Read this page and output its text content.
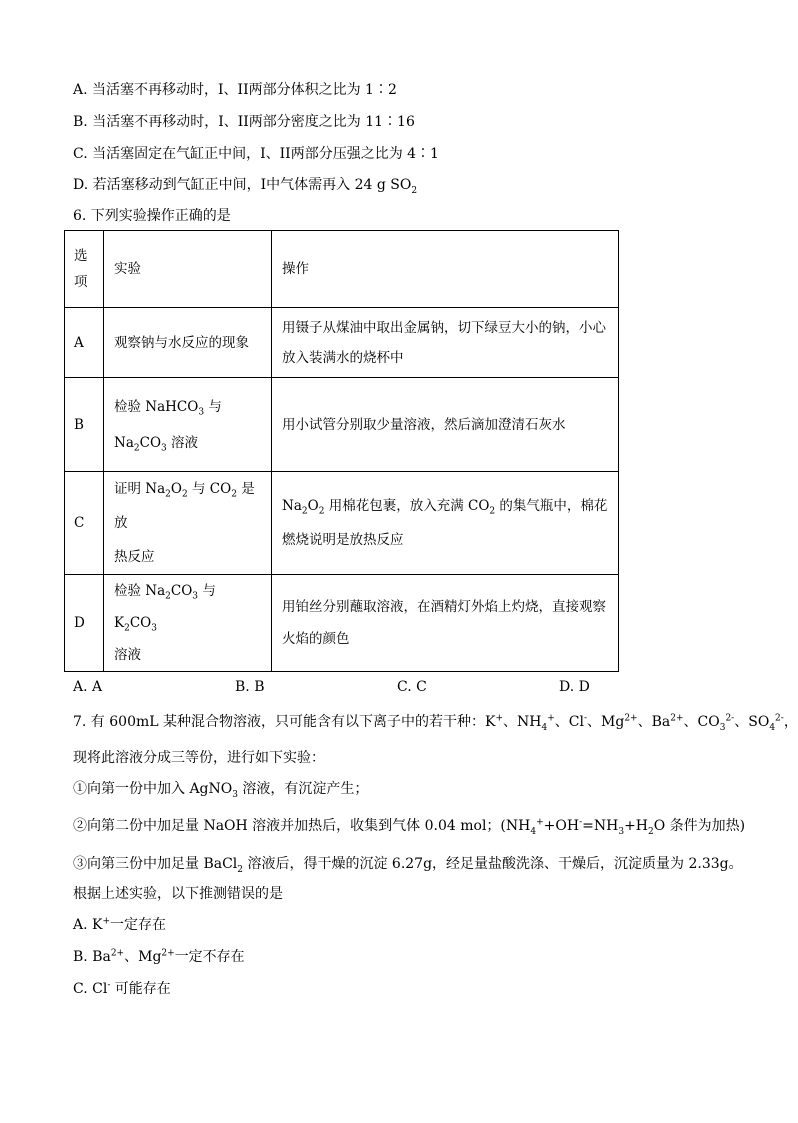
A. 当活塞不再移动时，I、II两部分体积之比为 1∶2
B. 当活塞不再移动时，I、II两部分密度之比为 11∶16
C. 当活塞固定在气缸正中间，I、II两部分压强之比为 4∶1
D. 若活塞移动到气缸正中间，I中气体需再入 24 g $SO_2$
6. 下列实验操作正确的是
选
项	实验	操作
A	观察钠与水反应的现象	用镊子从煤油中取出金属钠，切下绿豆大小的钠，小心
放入装满水的烧杯中
B	检验 NaHCO$_3$ 与
$Na_2CO_3$ 溶液	用小试管分别取少量溶液，然后滴加澄清石灰水
C	证明 $Na_2O_2$ 与 $CO_2$ 是放
热反应	$Na_2O_2$ 用棉花包裹，放入充满 $CO_2$ 的集气瓶中，棉花
燃烧说明是放热反应
D	检验 $Na_2CO_3$ 与 $K_2CO_3$
溶液	用铂丝分别蘸取溶液，在酒精灯外焰上灼烧，直接观察
火焰的颜色
A. A	B. B	C. C	D. D
7. 有 600mL 某种混合物溶液，只可能含有以下离子中的若干种：K+、$NH_4^+$、Cl-、$Mg^{2+}$、$Ba^{2+}$、$CO_3^{2-}$、$SO_4^{2-}$，
现将此溶液分成三等份，进行如下实验：
①向第一份中加入 AgNO$_3$ 溶液，有沉淀产生；
②向第二份中加足量 NaOH 溶液并加热后，收集到气体 0.04 mol；($NH_4^++OH^-=NH_3+H_2O$ 条件为加热)
③向第三份中加足量 BaCl$_2$ 溶液后，得干燥的沉淀 6.27g，经足量盐酸洗涤、干燥后，沉淀质量为 2.33g。
根据上述实验，以下推测错误的是
A. K+一定存在
B. $Ba^{2+}$、$Mg^{2+}$一定不存在
C. Cl- 可能存在
